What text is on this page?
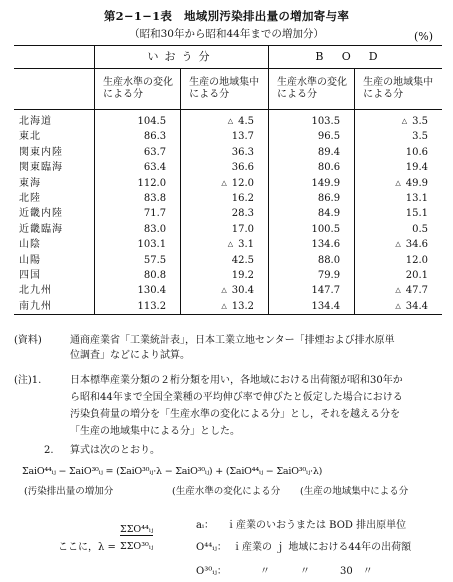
第2−1−1表　地域別汚染排出量の増加寄与率
（昭和30年から昭和44年までの増加分）	(%)
	いおう分		BOD	
	生産水準の変化による分	生産の地域集中による分	生産水準の変化による分	生産の地域集中による分
北海道	104.5	△ 4.5	103.5	△ 3.5
東北	86.3	13.7	96.5	3.5
関東内陸	63.7	36.3	89.4	10.6
関東臨海	63.4	36.6	80.6	19.4
東海	112.0	△ 12.0	149.9	△ 49.9
北陸	83.8	16.2	86.9	13.1
近畿内陸	71.7	28.3	84.9	15.1
近畿臨海	83.0	17.0	100.5	0.5
山陰	103.1	△ 3.1	134.6	△ 34.6
山陽	57.5	42.5	88.0	12.0
四国	80.8	19.2	79.9	20.1
北九州	130.4	△ 30.4	147.7	△ 47.7
南九州	113.2	△ 13.2	134.4	△ 34.4
(資料)	通商産業省「工業統計表」，日本工業立地センター「排煙および排水原単
位調査」などにより試算。
(注)1.	日本標準産業分類の２桁分類を用い，各地域における出荷額が昭和30年か
ら昭和44年まで全国全業種の平均伸び率で伸びたと仮定した場合における
汚染負荷量の増分を「生産水準の変化による分」とし，それを越える分を
「生産の地域集中による分」とした。
2. 算式は次のとおり。
ΣaiO⁴⁴ᵢⱼ − ΣaiO³⁰ᵢⱼ = (ΣaiO³⁰ᵢⱼ·λ − ΣaiO³⁰ᵢⱼ) + (ΣaiO⁴⁴ᵢⱼ − ΣaiO³⁰ᵢⱼ·λ)
(汚染排出量の増加分	(生産水準の変化による分 (生産の地域集中による分
ここに，λ =
ΣΣO⁴⁴ᵢⱼ
ΣΣO³⁰ᵢⱼ
aᵢ： ｉ産業のいおうまたは BOD 排出原単位
O⁴⁴ᵢⱼ： ｉ産業の ｊ 地域における44年の出荷額
O³⁰ᵢⱼ：	〃　　　〃　　　30　〃
